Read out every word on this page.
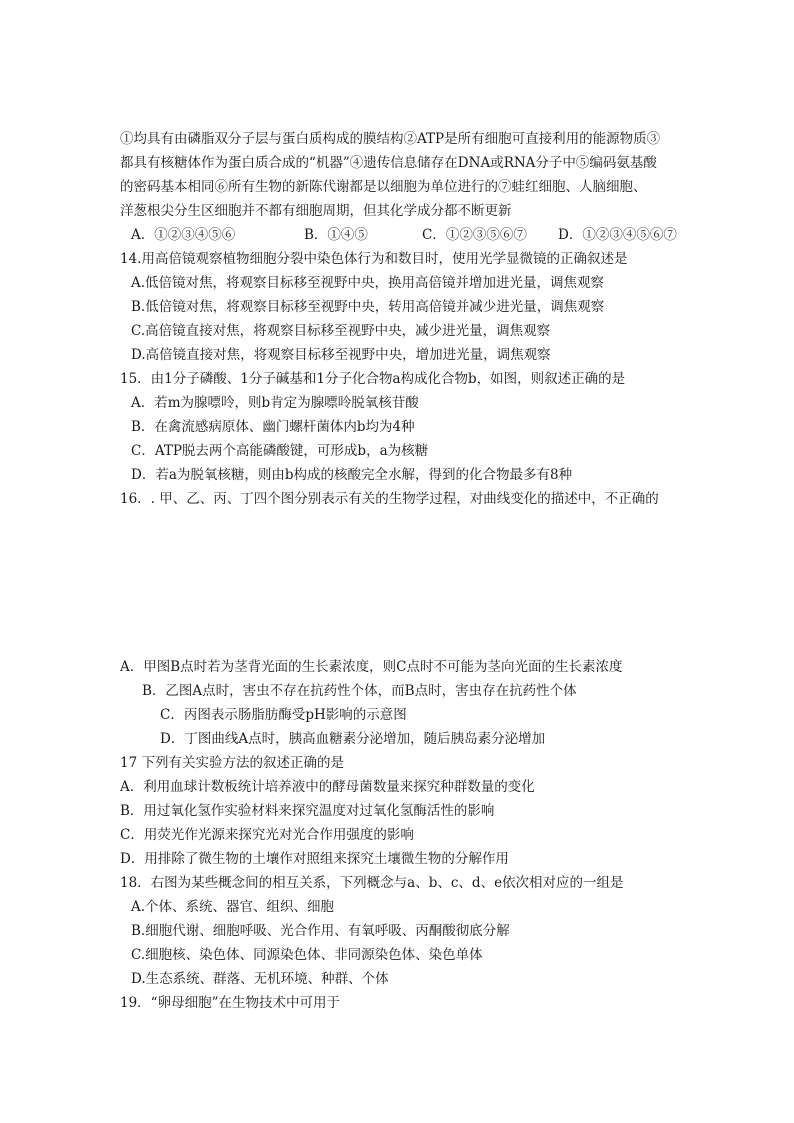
①均具有由磷脂双分子层与蛋白质构成的膜结构②ATP是所有细胞可直接利用的能源物质③
都具有核糖体作为蛋白质合成的“机器”④遗传信息储存在DNA或RNA分子中⑤编码氨基酸
的密码基本相同⑥所有生物的新陈代谢都是以细胞为单位进行的⑦蛙红细胞、人脑细胞、
洋葱根尖分生区细胞并不都有细胞周期，但其化学成分都不断更新
A．①②③④⑤⑥	B．①④⑤	C．①②③⑤⑥⑦ D．①②③④⑤⑥⑦
14.用高倍镜观察植物细胞分裂中染色体行为和数目时，使用光学显微镜的正确叙述是
A.低倍镜对焦，将观察目标移至视野中央，换用高倍镜并增加进光量，调焦观察
B.低倍镜对焦，将观察目标移至视野中央，转用高倍镜并减少进光量，调焦观察
C.高倍镜直接对焦，将观察目标移至视野中央，减少进光量，调焦观察
D.高倍镜直接对焦，将观察目标移至视野中央，增加进光量，调焦观察
15．由1分子磷酸、1分子碱基和1分子化合物a构成化合物b，如图，则叙述正确的是
A．若m为腺嘌呤，则b肯定为腺嘌呤脱氧核苷酸
B．在禽流感病原体、幽门螺杆菌体内b均为4种
C．ATP脱去两个高能磷酸键，可形成b，a为核糖
D．若a为脱氧核糖，则由b构成的核酸完全水解，得到的化合物最多有8种
16．. 甲、乙、丙、丁四个图分别表示有关的生物学过程，对曲线变化的描述中，不正确的
A．甲图B点时若为茎背光面的生长素浓度，则C点时不可能为茎向光面的生长素浓度
B．乙图A点时，害虫不存在抗药性个体，而B点时，害虫存在抗药性个体
C．丙图表示肠脂肪酶受pH影响的示意图
D．丁图曲线A点时，胰高血糖素分泌增加，随后胰岛素分泌增加
17 下列有关实验方法的叙述正确的是
A．利用血球计数板统计培养液中的酵母菌数量来探究种群数量的变化
B．用过氧化氢作实验材料来探究温度对过氧化氢酶活性的影响
C．用荧光作光源来探究光对光合作用强度的影响
D．用排除了微生物的土壤作对照组来探究土壤微生物的分解作用
18．右图为某些概念间的相互关系，下列概念与a、b、c、d、e依次相对应的一组是
A.个体、系统、器官、组织、细胞
B.细胞代谢、细胞呼吸、光合作用、有氧呼吸、丙酮酸彻底分解
C.细胞核、染色体、同源染色体、非同源染色体、染色单体
D.生态系统、群落、无机环境、种群、个体
19．“卵母细胞”在生物技术中可用于
